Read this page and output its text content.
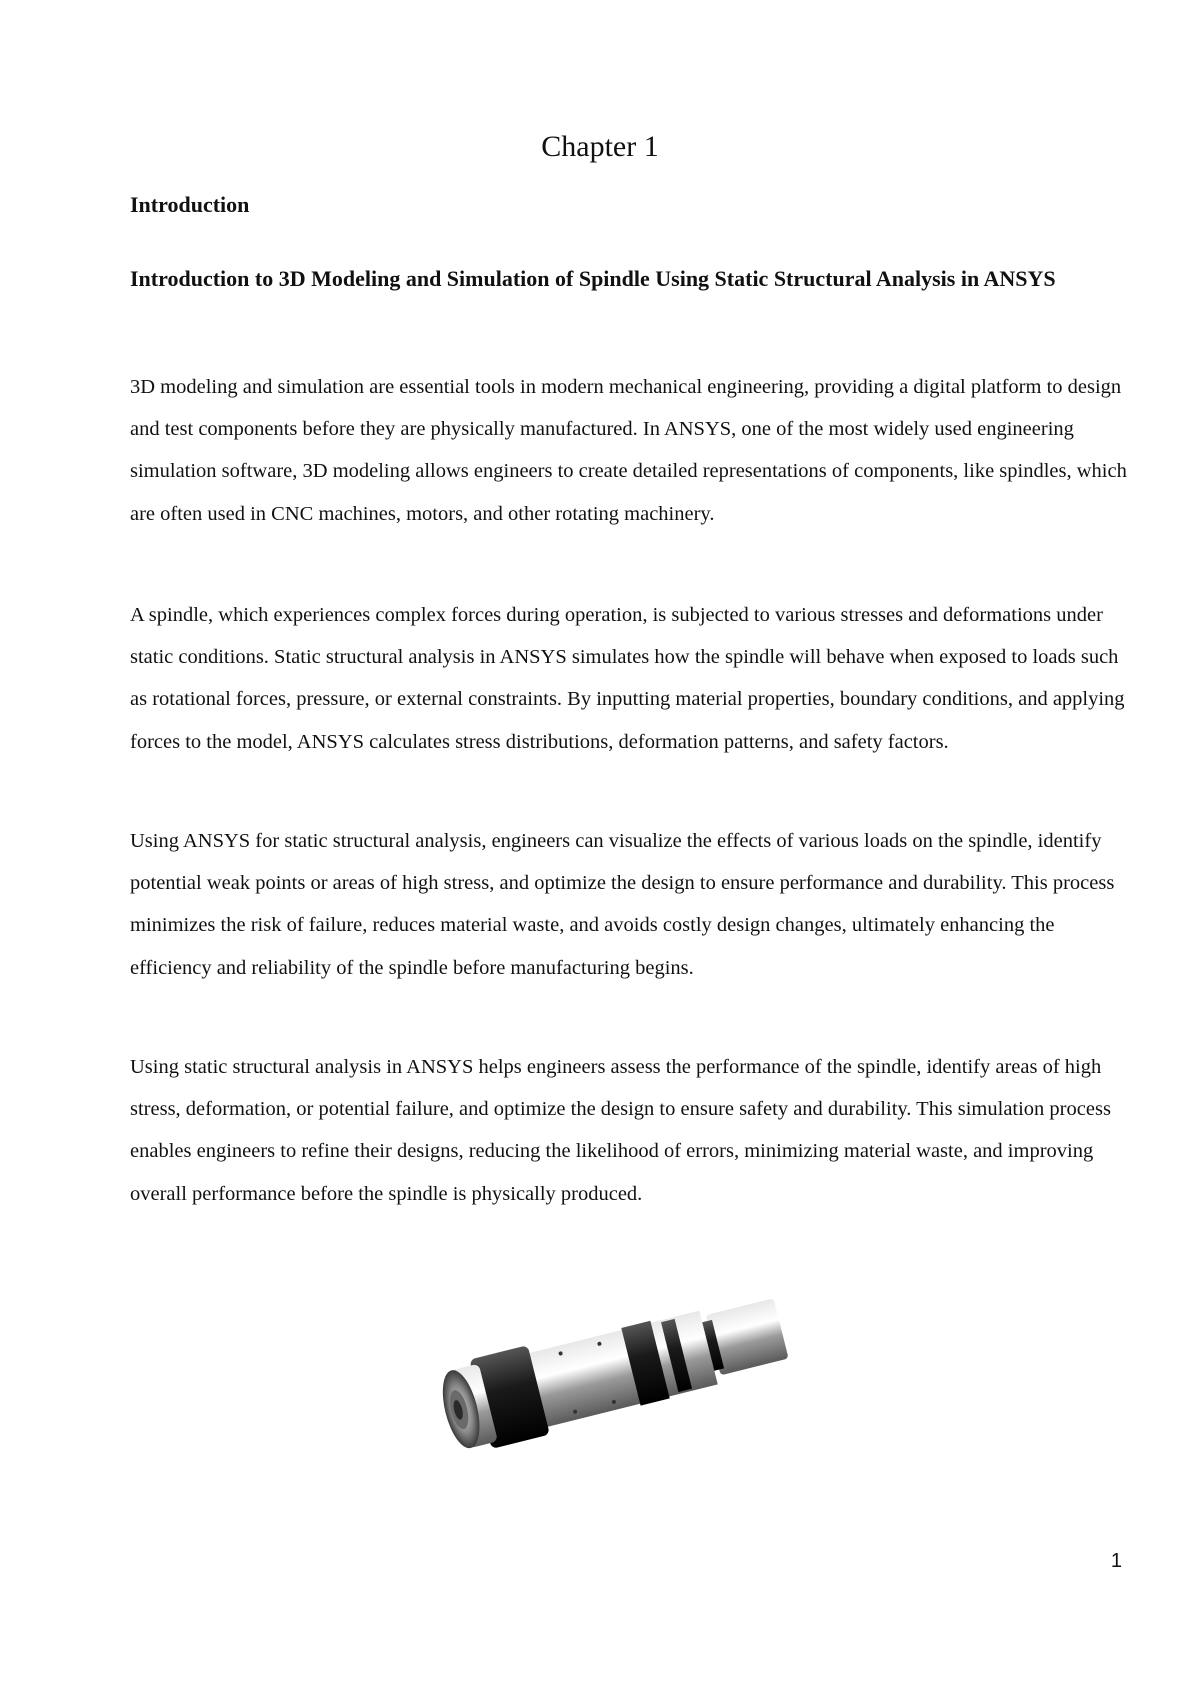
Chapter 1
Introduction
Introduction to 3D Modeling and Simulation of Spindle Using Static Structural Analysis in ANSYS

3D modeling and simulation are essential tools in modern mechanical engineering, providing a digital platform to design and test components before they are physically manufactured. In ANSYS, one of the most widely used engineering simulation software, 3D modeling allows engineers to create detailed representations of components, like spindles, which are often used in CNC machines, motors, and other rotating machinery.

A spindle, which experiences complex forces during operation, is subjected to various stresses and deformations under static conditions. Static structural analysis in ANSYS simulates how the spindle will behave when exposed to loads such as rotational forces, pressure, or external constraints. By inputting material properties, boundary conditions, and applying forces to the model, ANSYS calculates stress distributions, deformation patterns, and safety factors.

Using ANSYS for static structural analysis, engineers can visualize the effects of various loads on the spindle, identify potential weak points or areas of high stress, and optimize the design to ensure performance and durability. This process minimizes the risk of failure, reduces material waste, and avoids costly design changes, ultimately enhancing the efficiency and reliability of the spindle before manufacturing begins.

Using static structural analysis in ANSYS helps engineers assess the performance of the spindle, identify areas of high stress, deformation, or potential failure, and optimize the design to ensure safety and durability. This simulation process enables engineers to refine their designs, reducing the likelihood of errors, minimizing material waste, and improving overall performance before the spindle is physically produced.

1
